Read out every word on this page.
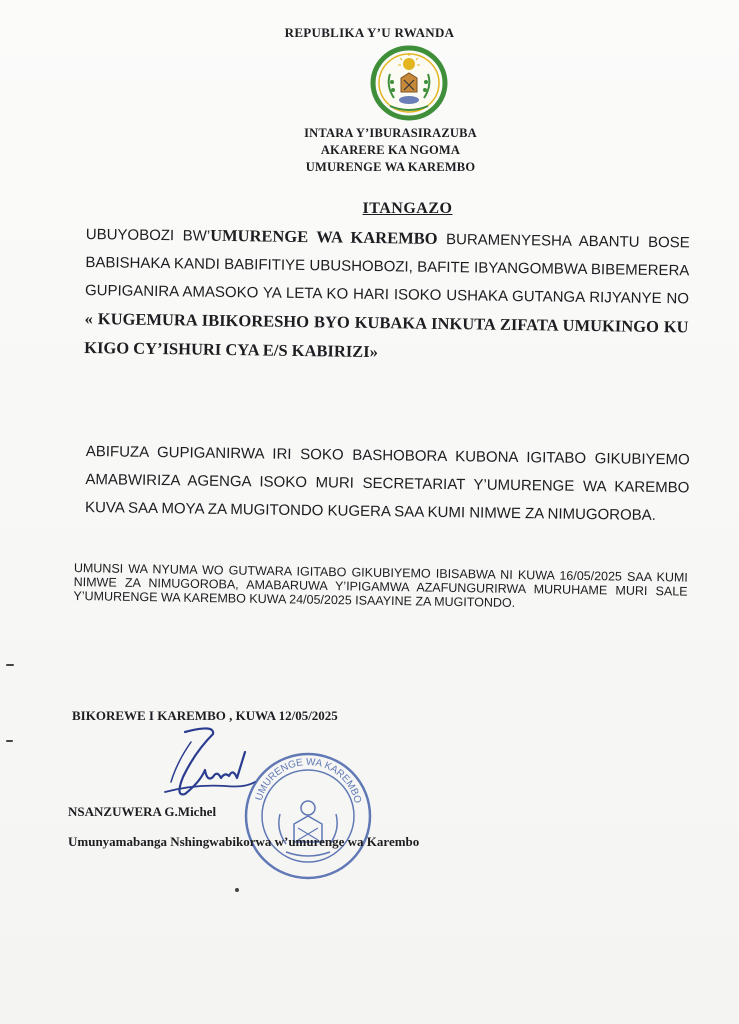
REPUBLIKA Y’U RWANDA
INTARA Y’IBURASIRAZUBA
AKARERE KA NGOMA
UMURENGE WA KAREMBO
ITANGAZO
UBUYOBOZI BW’UMURENGE WA KAREMBO BURAMENYESHA ABANTU BOSE BABISHAKA KANDI BABIFITIYE UBUSHOBOZI, BAFITE IBYANGOMBWA BIBEMERERA GUPIGANIRA AMASOKO YA LETA KO HARI ISOKO USHAKA GUTANGA RIJYANYE NO « KUGEMURA IBIKORESHO BYO KUBAKA INKUTA ZIFATA UMUKINGO KU KIGO CY’ISHURI CYA E/S KABIRIZI»
ABIFUZA GUPIGANIRWA IRI SOKO BASHOBORA KUBONA IGITABO GIKUBIYEMO AMABWIRIZA AGENGA ISOKO MURI SECRETARIAT Y’UMURENGE WA KAREMBO KUVA SAA MOYA ZA MUGITONDO KUGERA SAA KUMI NIMWE ZA NIMUGOROBA.
UMUNSI WA NYUMA WO GUTWARA IGITABO GIKUBIYEMO IBISABWA NI KUWA 16/05/2025 SAA KUMI NIMWE ZA NIMUGOROBA, AMABARUWA Y’IPIGAMWA AZAFUNGURIRWA MURUHAME MURI SALE Y’UMURENGE WA KAREMBO KUWA 24/05/2025 ISAAYINE ZA MUGITONDO.
BIKOREWE I KAREMBO , KUWA 12/05/2025
UMURENGE WA KAREMBO
NSANZUWERA G.Michel
Umunyamabanga Nshingwabikorwa w’umurenge wa Karembo
